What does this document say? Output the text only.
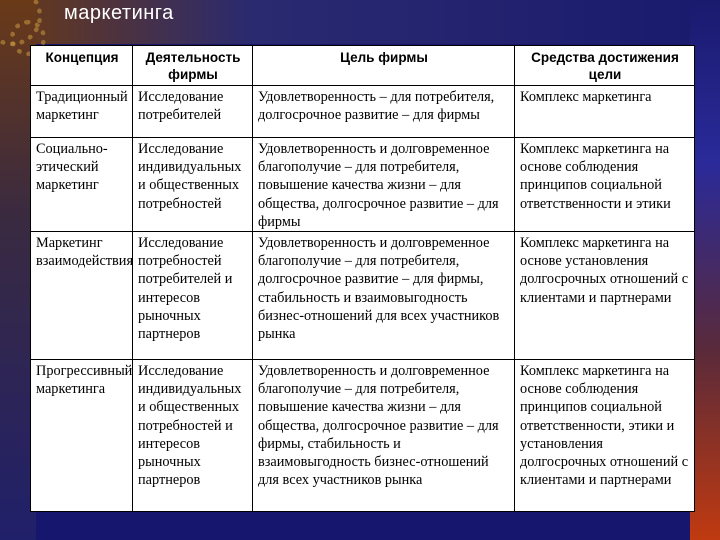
маркетинга
Концепция	Деятельность фирмы	Цель фирмы	Средства достижения цели
Традиционный маркетинг	Исследование потребителей	Удовлетворенность – для потребителя, долгосрочное развитие – для фирмы	Комплекс маркетинга
Социально-этический маркетинг	Исследование индивидуальных и общественных потребностей	Удовлетворенность и долговременное благополучие – для потребителя, повышение качества жизни – для общества, долгосрочное развитие – для фирмы	Комплекс маркетинга на основе соблюдения принципов социальной ответственности и этики
Маркетинг взаимодействия	Исследование потребностей потребителей и интересов рыночных партнеров	Удовлетворенность и долговременное благополучие – для потребителя, долгосрочное развитие – для фирмы, стабильность и взаимовыгодность бизнес-отношений для всех участников рынка	Комплекс маркетинга на основе установления долгосрочных отношений с клиентами и партнерами
Прогрессивный маркетинга	Исследование индивидуальных и общественных потребностей и интересов рыночных партнеров	Удовлетворенность и долговременное благополучие – для потребителя, повышение качества жизни – для общества, долгосрочное развитие – для фирмы, стабильность и взаимовыгодность бизнес-отношений для всех участников рынка	Комплекс маркетинга на основе соблюдения принципов социальной ответственности, этики и установления долгосрочных отношений с клиентами и партнерами
